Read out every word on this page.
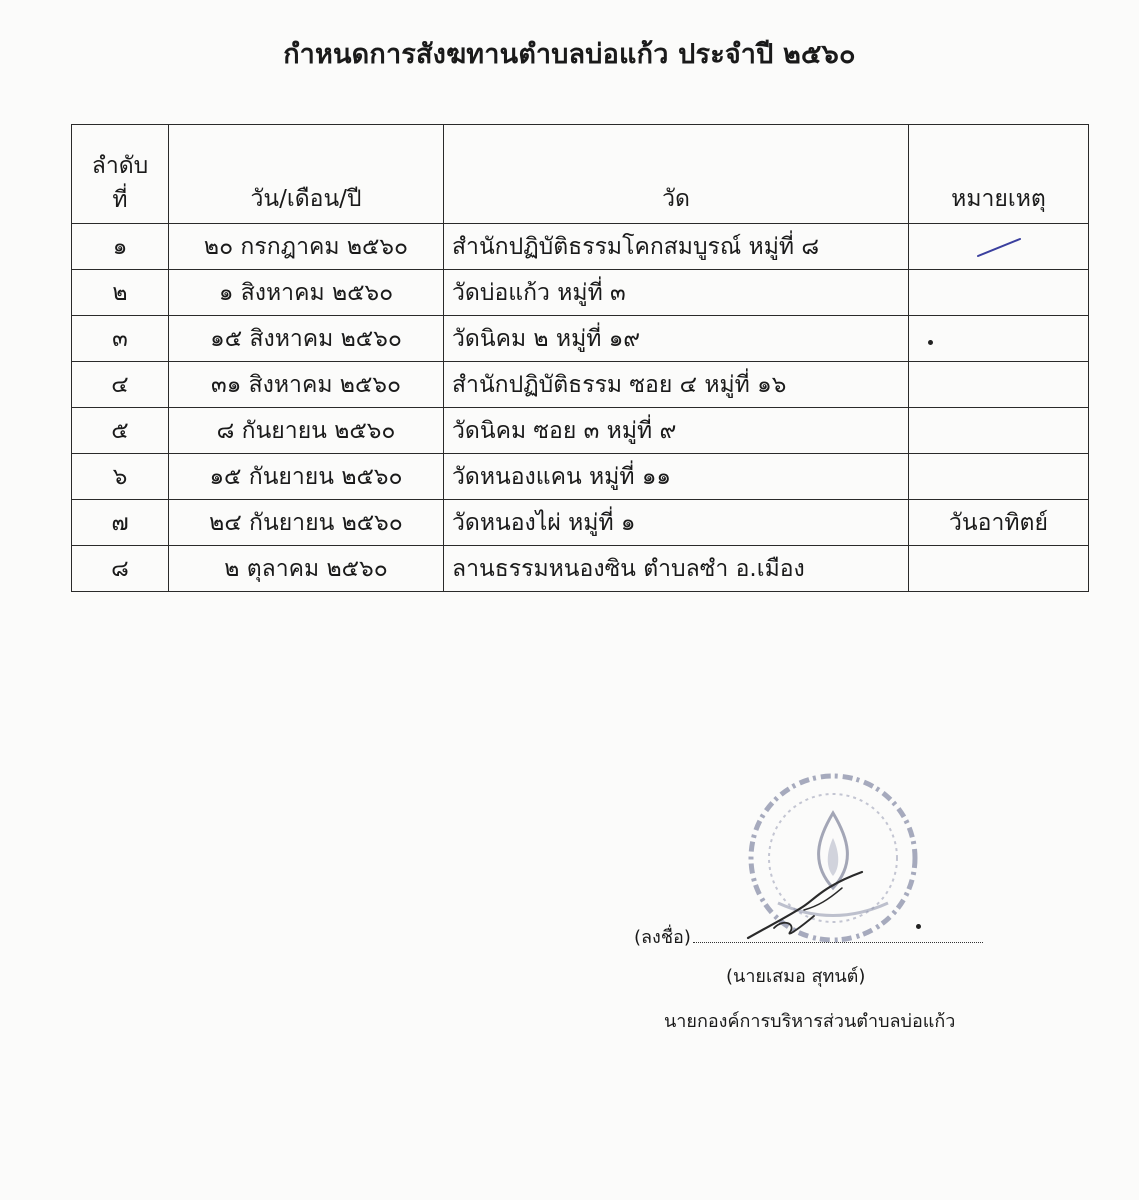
กำหนดการสังฆทานตำบลบ่อแก้ว ประจำปี ๒๕๖๐
ลำดับ
ที่	วัน/เดือน/ปี	วัด	หมายเหตุ
๑	๒๐ กรกฎาคม ๒๕๖๐	สำนักปฏิบัติธรรมโคกสมบูรณ์ หมู่ที่ ๘	
๒	๑ สิงหาคม ๒๕๖๐	วัดบ่อแก้ว หมู่ที่ ๓	
๓	๑๕ สิงหาคม ๒๕๖๐	วัดนิคม ๒ หมู่ที่ ๑๙	
๔	๓๑ สิงหาคม ๒๕๖๐	สำนักปฏิบัติธรรม ซอย ๔ หมู่ที่ ๑๖	
๕	๘ กันยายน ๒๕๖๐	วัดนิคม ซอย ๓ หมู่ที่ ๙	
๖	๑๕ กันยายน ๒๕๖๐	วัดหนองแคน หมู่ที่ ๑๑	
๗	๒๔ กันยายน ๒๕๖๐	วัดหนองไผ่ หมู่ที่ ๑	วันอาทิตย์
๘	๒ ตุลาคม ๒๕๖๐	ลานธรรมหนองซิน ตำบลซำ อ.เมือง	
(ลงชื่อ)
(นายเสมอ สุทนต์)
นายกองค์การบริหารส่วนตำบลบ่อแก้ว
